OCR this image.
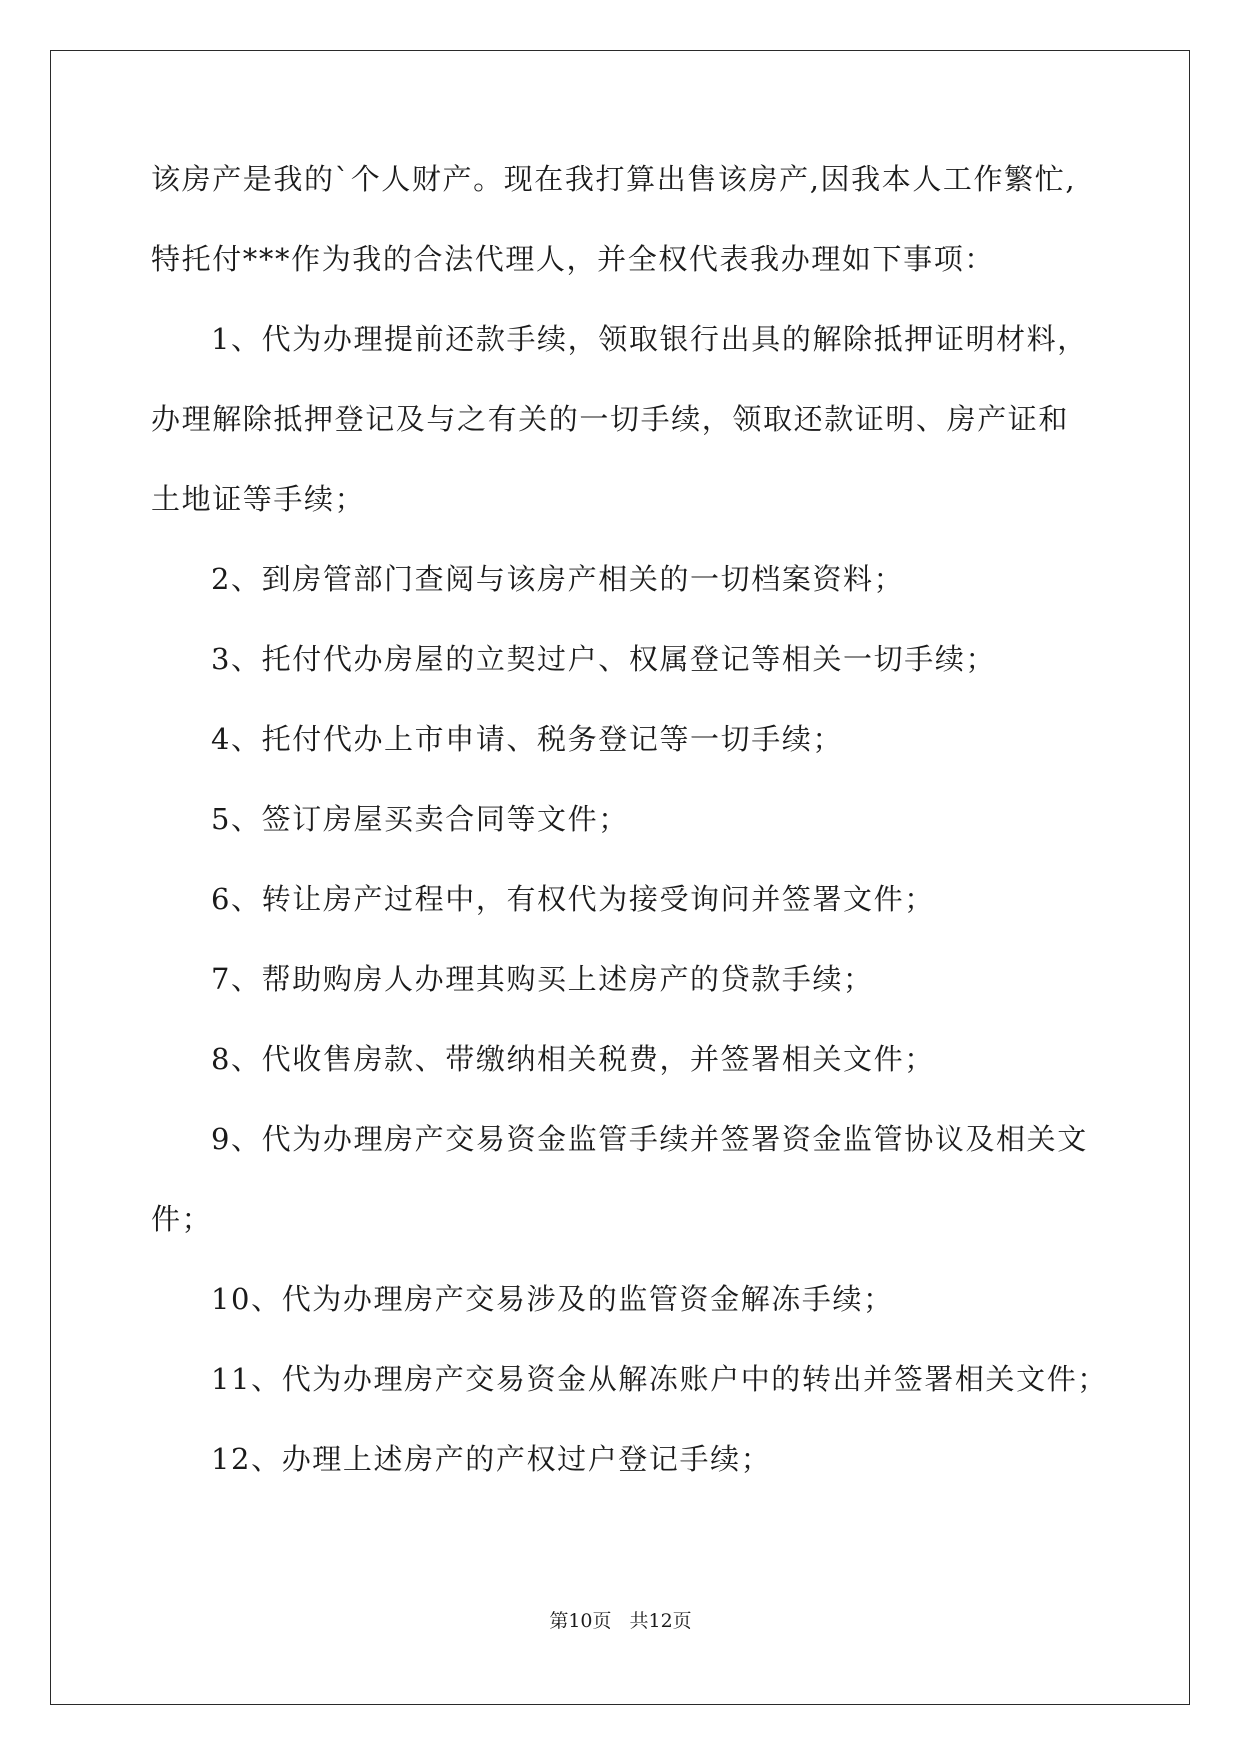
该房产是我的`个人财产。现在我打算出售该房产,因我本人工作繁忙,
特托付***作为我的合法代理人，并全权代表我办理如下事项：
1、代为办理提前还款手续，领取银行出具的解除抵押证明材料，
办理解除抵押登记及与之有关的一切手续，领取还款证明、房产证和
土地证等手续；
2、到房管部门查阅与该房产相关的一切档案资料；
3、托付代办房屋的立契过户、权属登记等相关一切手续；
4、托付代办上市申请、税务登记等一切手续；
5、签订房屋买卖合同等文件；
6、转让房产过程中，有权代为接受询问并签署文件；
7、帮助购房人办理其购买上述房产的贷款手续；
8、代收售房款、带缴纳相关税费，并签署相关文件；
9、代为办理房产交易资金监管手续并签署资金监管协议及相关文
件；
10、代为办理房产交易涉及的监管资金解冻手续；
11、代为办理房产交易资金从解冻账户中的转出并签署相关文件；
12、办理上述房产的产权过户登记手续；
第10页 共12页
